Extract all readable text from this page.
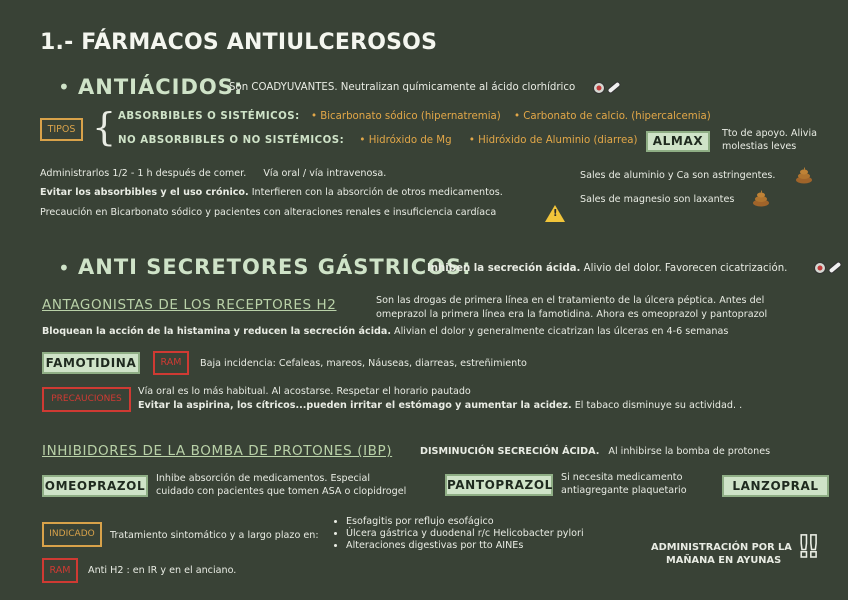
1.- FÁRMACOS ANTIULCEROSOS
• ANTIÁCIDOS:
Son COADYUVANTES. Neutralizan químicamente al ácido clorhídrico
TIPOS { ABSORBIBLES O SISTÉMICOS: • Bicarbonato sódico (hipernatremia) • Carbonato de calcio. (hipercalcemia)
NO ABSORBIBLES O NO SISTÉMICOS: • Hidróxido de Mg • Hidróxido de Aluminio (diarrea)	ALMAX
Tto de apoyo. Alivia
molestias leves
Administrarlos 1/2 - 1 h después de comer. Vía oral / vía intravenosa.
Evitar los absorbibles y el uso crónico. Interfieren con la absorción de otros medicamentos.
Precaución en Bicarbonato sódico y pacientes con alteraciones renales e insuficiencia cardíaca	!
Sales de aluminio y Ca son astringentes.
Sales de magnesio son laxantes
• ANTI SECRETORES GÁSTRICOS:
Inhiben la secreción ácida. Alivio del dolor. Favorecen cicatrización.
ANTAGONISTAS DE LOS RECEPTORES H2	Son las drogas de primera línea en el tratamiento de la úlcera péptica. Antes del
omeprazol la primera línea era la famotidina. Ahora es omeoprazol y pantoprazol
Bloquean la acción de la histamina y reducen la secreción ácida. Alivian el dolor y generalmente cicatrizan las úlceras en 4-6 semanas
FAMOTIDINA	RAM	Baja incidencia: Cefaleas, mareos, Náuseas, diarreas, estreñimiento
PRECAUCIONES
Vía oral es lo más habitual. Al acostarse. Respetar el horario pautado
Evitar la aspirina, los cítricos...pueden irritar el estómago y aumentar la acidez. El tabaco disminuye su actividad. .
INHIBIDORES DE LA BOMBA DE PROTONES (IBP)	DISMINUCIÓN SECRECIÓN ÁCIDA. Al inhibirse la bomba de protones
OMEOPRAZOL
Inhibe absorción de medicamentos. Especial
cuidado con pacientes que tomen ASA o clopidrogel	PANTOPRAZOL
Si necesita medicamento
antiagregante plaquetario	LANZOPRAL
INDICADO	Tratamiento sintomático y a largo plazo en:
• Esofagitis por reflujo esofágico
• Úlcera gástrica y duodenal r/c Helicobacter pylori
• Alteraciones digestivas por tto AINEs
RAM	Anti H2 : en IR y en el anciano.
ADMINISTRACIÓN POR LA
MAÑANA EN AYUNAS !!
